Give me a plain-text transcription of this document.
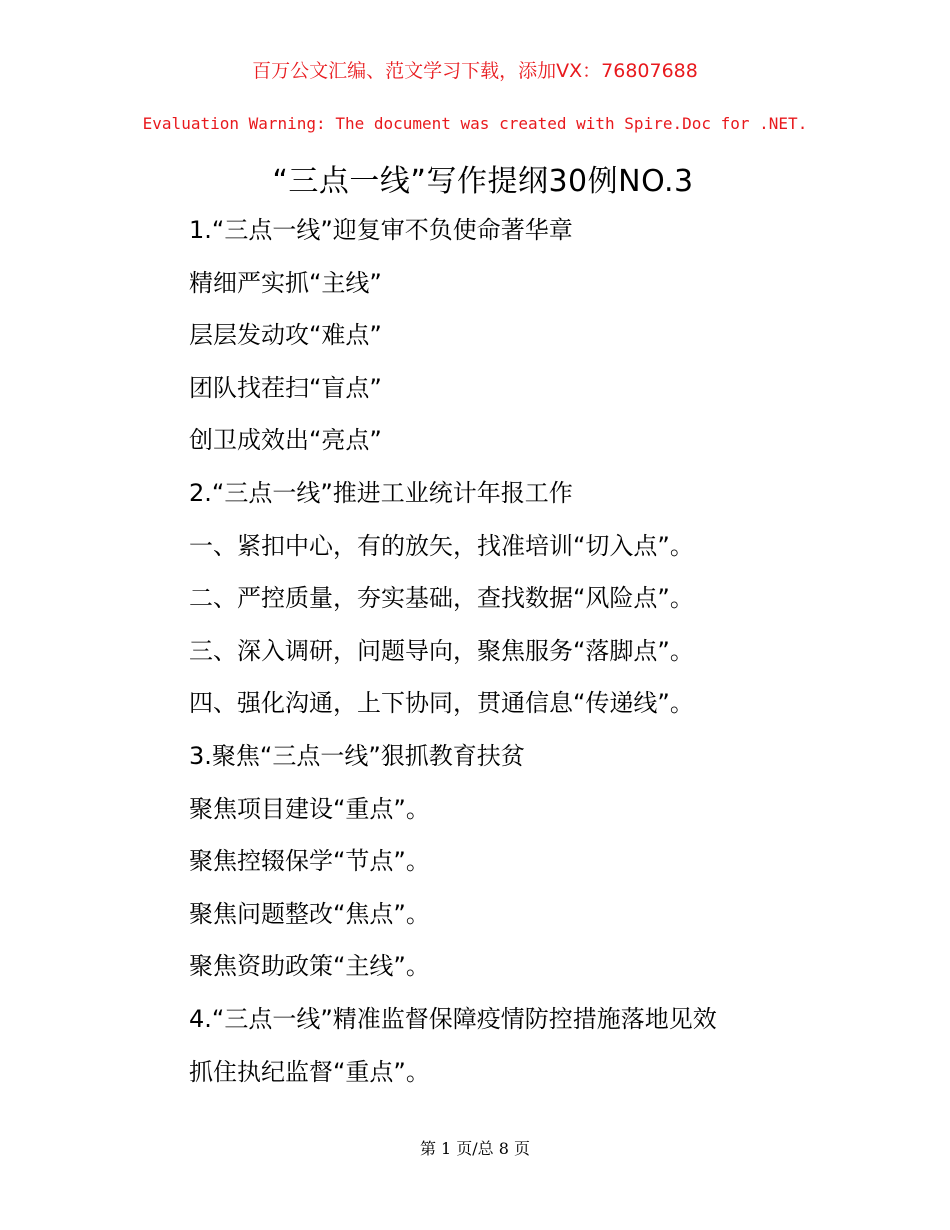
百万公文汇编、范文学习下载，添加VX：76807688
Evaluation Warning: The document was created with Spire.Doc for .NET.
“三点一线”写作提纲30例NO.3
1.“三点一线”迎复审不负使命著华章
精细严实抓“主线”
层层发动攻“难点”
团队找茬扫“盲点”
创卫成效出“亮点”
2.“三点一线”推进工业统计年报工作
一、紧扣中心，有的放矢，找准培训“切入点”。
二、严控质量，夯实基础，查找数据“风险点”。
三、深入调研，问题导向，聚焦服务“落脚点”。
四、强化沟通，上下协同，贯通信息“传递线”。
3.聚焦“三点一线”狠抓教育扶贫
聚焦项目建设“重点”。
聚焦控辍保学“节点”。
聚焦问题整改“焦点”。
聚焦资助政策“主线”。
4.“三点一线”精准监督保障疫情防控措施落地见效
抓住执纪监督“重点”。
第 1 页/总 8 页
